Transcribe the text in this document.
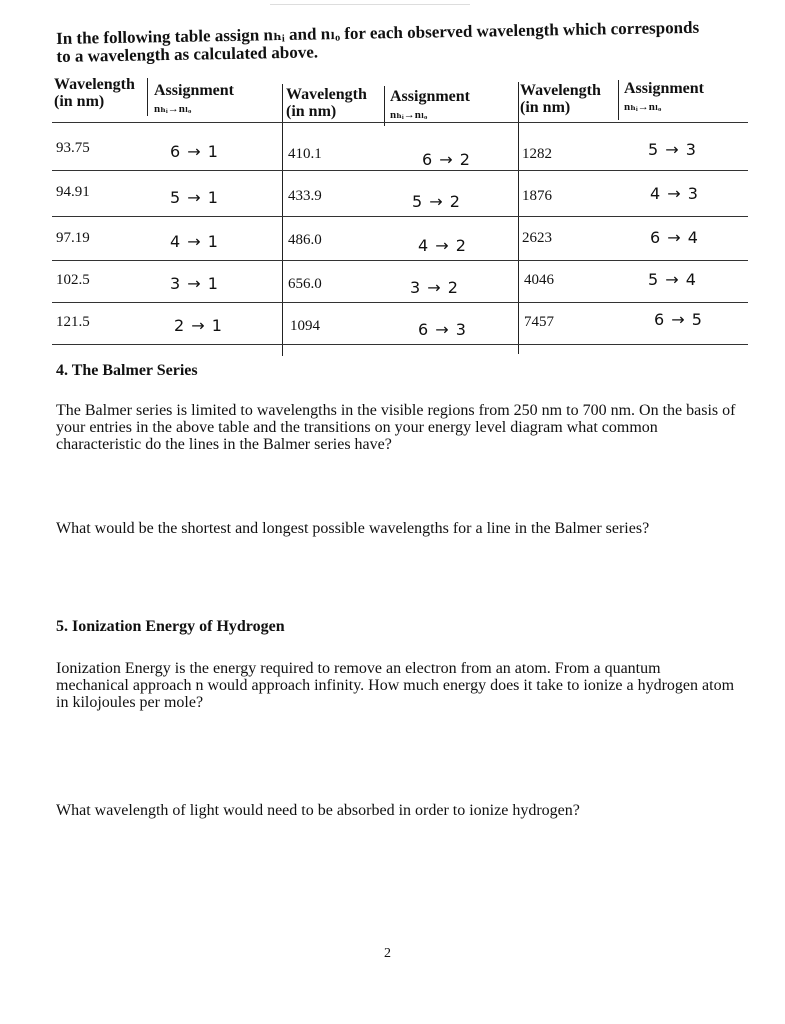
In the following table assign nₕᵢ and nₗₒ for each observed wavelength which corresponds
to a wavelength as calculated above.
Wavelength
(in nm)
Assignment
nₕᵢ→nₗₒ
Wavelength
(in nm)
Assignment
nₕᵢ→nₗₒ
Wavelength
(in nm)
Assignment
nₕᵢ→nₗₒ
93.75
94.91
97.19
102.5
121.5
6 → 1
5 → 1
4 → 1
3 → 1
2 → 1
410.1
433.9
486.0
656.0
1094
6 → 2
5 → 2
4 → 2
3 → 2
6 → 3
1282
1876
2623
4046
7457
5 → 3
4 → 3
6 → 4
5 → 4
6 → 5
4. The Balmer Series
The Balmer series is limited to wavelengths in the visible regions from 250 nm to 700 nm. On the basis of your entries in the above table and the transitions on your energy level diagram what common characteristic do the lines in the Balmer series have?
What would be the shortest and longest possible wavelengths for a line in the Balmer series?
5. Ionization Energy of Hydrogen
Ionization Energy is the energy required to remove an electron from an atom. From a quantum mechanical approach n would approach infinity. How much energy does it take to ionize a hydrogen atom in kilojoules per mole?
What wavelength of light would need to be absorbed in order to ionize hydrogen?
2
